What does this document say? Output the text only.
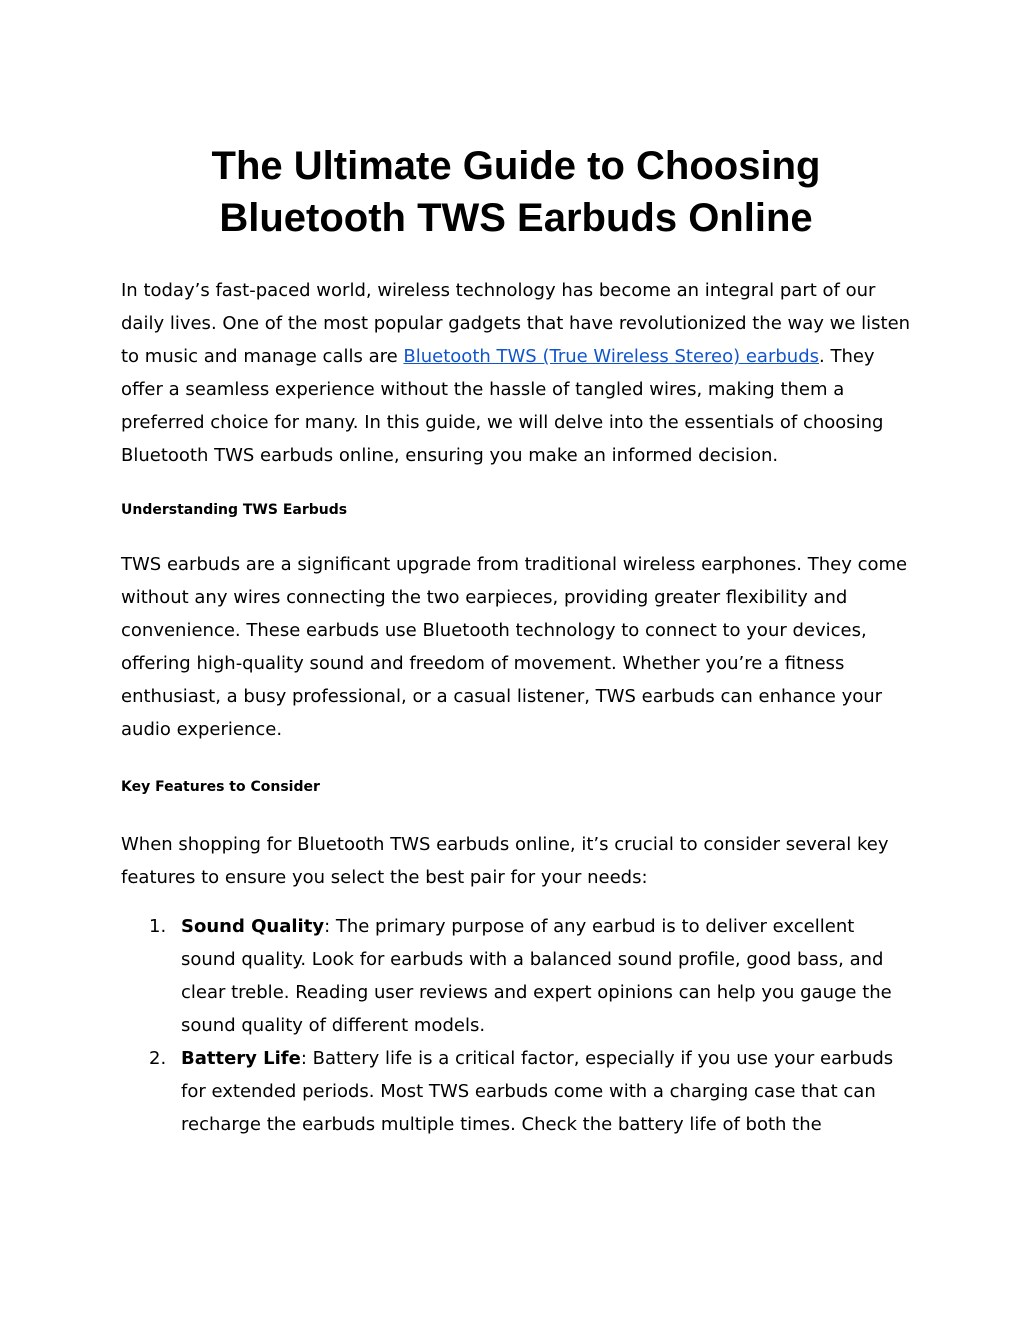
The Ultimate Guide to Choosing Bluetooth TWS Earbuds Online

In today’s fast-paced world, wireless technology has become an integral part of our daily lives. One of the most popular gadgets that have revolutionized the way we listen to music and manage calls are Bluetooth TWS (True Wireless Stereo) earbuds. They offer a seamless experience without the hassle of tangled wires, making them a preferred choice for many. In this guide, we will delve into the essentials of choosing Bluetooth TWS earbuds online, ensuring you make an informed decision.

Understanding TWS Earbuds

TWS earbuds are a significant upgrade from traditional wireless earphones. They come without any wires connecting the two earpieces, providing greater flexibility and convenience. These earbuds use Bluetooth technology to connect to your devices, offering high-quality sound and freedom of movement. Whether you’re a fitness enthusiast, a busy professional, or a casual listener, TWS earbuds can enhance your audio experience.

Key Features to Consider

When shopping for Bluetooth TWS earbuds online, it’s crucial to consider several key features to ensure you select the best pair for your needs:

1. Sound Quality: The primary purpose of any earbud is to deliver excellent sound quality. Look for earbuds with a balanced sound profile, good bass, and clear treble. Reading user reviews and expert opinions can help you gauge the sound quality of different models.
2. Battery Life: Battery life is a critical factor, especially if you use your earbuds for extended periods. Most TWS earbuds come with a charging case that can recharge the earbuds multiple times. Check the battery life of both the
